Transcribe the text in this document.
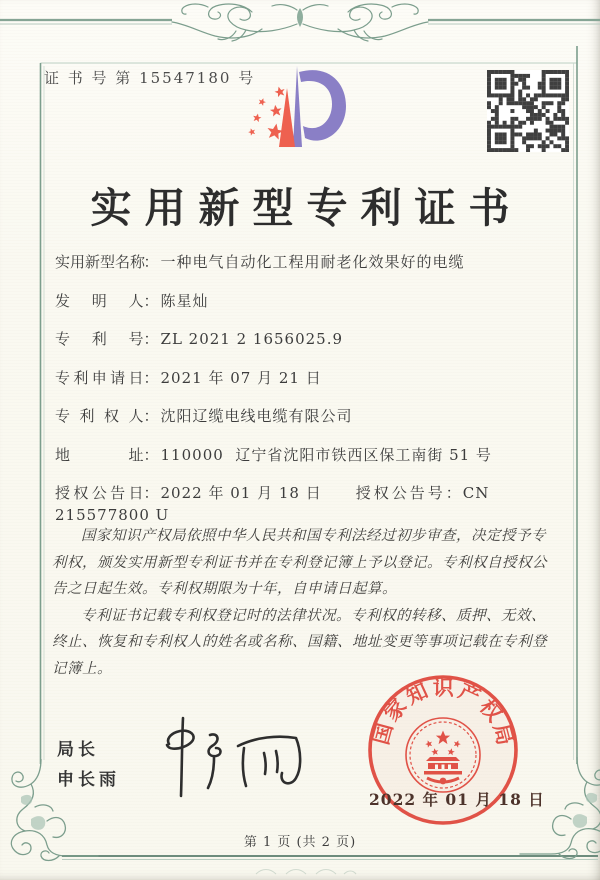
证 书 号 第 15547180 号
实用新型专利证书
实用新型名称： 一种电气自动化工程用耐老化效果好的电缆
发明人： 陈星灿
专利号： ZL 2021 2 1656025.9
专利申请日： 2021 年 07 月 21 日
专利权人： 沈阳辽缆电线电缆有限公司
地址： 110000  辽宁省沈阳市铁西区保工南街 51 号
授权公告日： 2022 年 01 月 18 日 授权公告号： CN 215577800 U

国家知识产权局依照中华人民共和国专利法经过初步审查，决定授予专利权，颁发实用新型专利证书并在专利登记簿上予以登记。专利权自授权公告之日起生效。专利权期限为十年，自申请日起算。

专利证书记载专利权登记时的法律状况。专利权的转移、质押、无效、终止、恢复和专利权人的姓名或名称、国籍、地址变更等事项记载在专利登记簿上。

局长
申长雨
国家知识产权局
2022 年 01 月 18 日
第 1 页 (共 2 页)
